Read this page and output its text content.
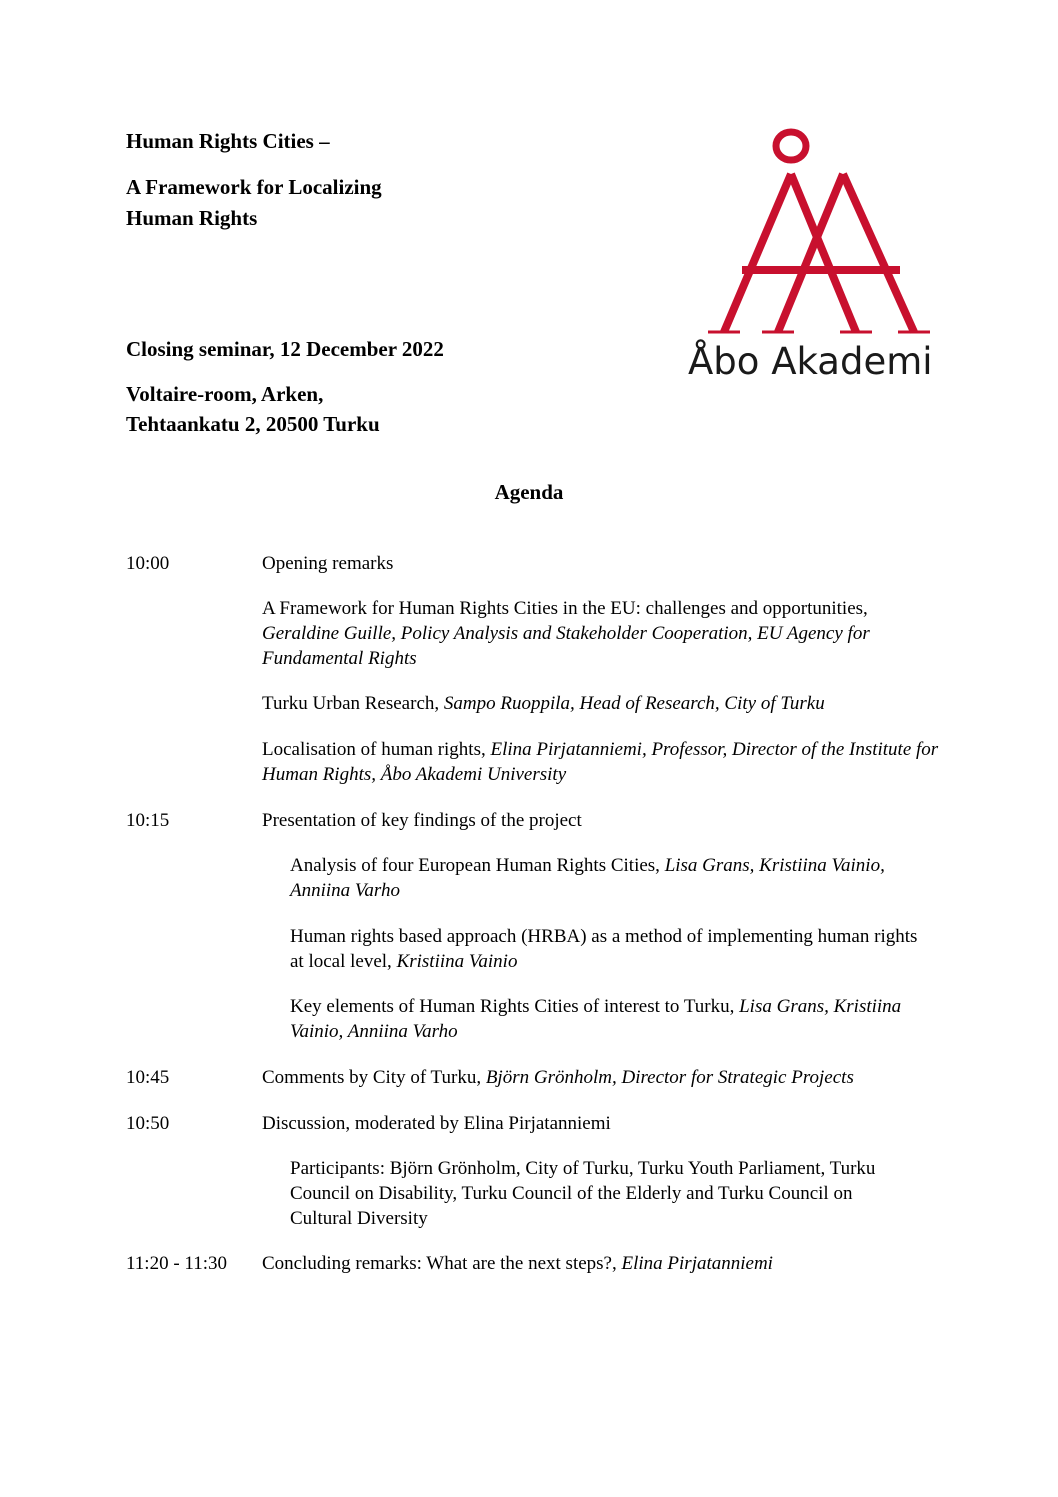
Human Rights Cities –

A Framework for Localizing

Human Rights

Closing seminar, 12 December 2022

Voltaire-room, Arken,

Tehtaankatu 2, 20500 Turku

Åbo Akademi
Agenda
10:00	Opening remarks
A Framework for Human Rights Cities in the EU: challenges and opportunities, Geraldine Guille, Policy Analysis and Stakeholder Cooperation, EU Agency for Fundamental Rights
Turku Urban Research, Sampo Ruoppila, Head of Research, City of Turku
Localisation of human rights, Elina Pirjatanniemi, Professor, Director of the Institute for Human Rights, Åbo Akademi University
10:15	Presentation of key findings of the project
Analysis of four European Human Rights Cities, Lisa Grans, Kristiina Vainio, Anniina Varho
Human rights based approach (HRBA) as a method of implementing human rights at local level, Kristiina Vainio
Key elements of Human Rights Cities of interest to Turku, Lisa Grans, Kristiina Vainio, Anniina Varho
10:45	Comments by City of Turku, Björn Grönholm, Director for Strategic Projects
10:50	Discussion, moderated by Elina Pirjatanniemi
Participants: Björn Grönholm, City of Turku, Turku Youth Parliament, Turku Council on Disability, Turku Council of the Elderly and Turku Council on Cultural Diversity
11:20 - 11:30 Concluding remarks: What are the next steps?, Elina Pirjatanniemi
